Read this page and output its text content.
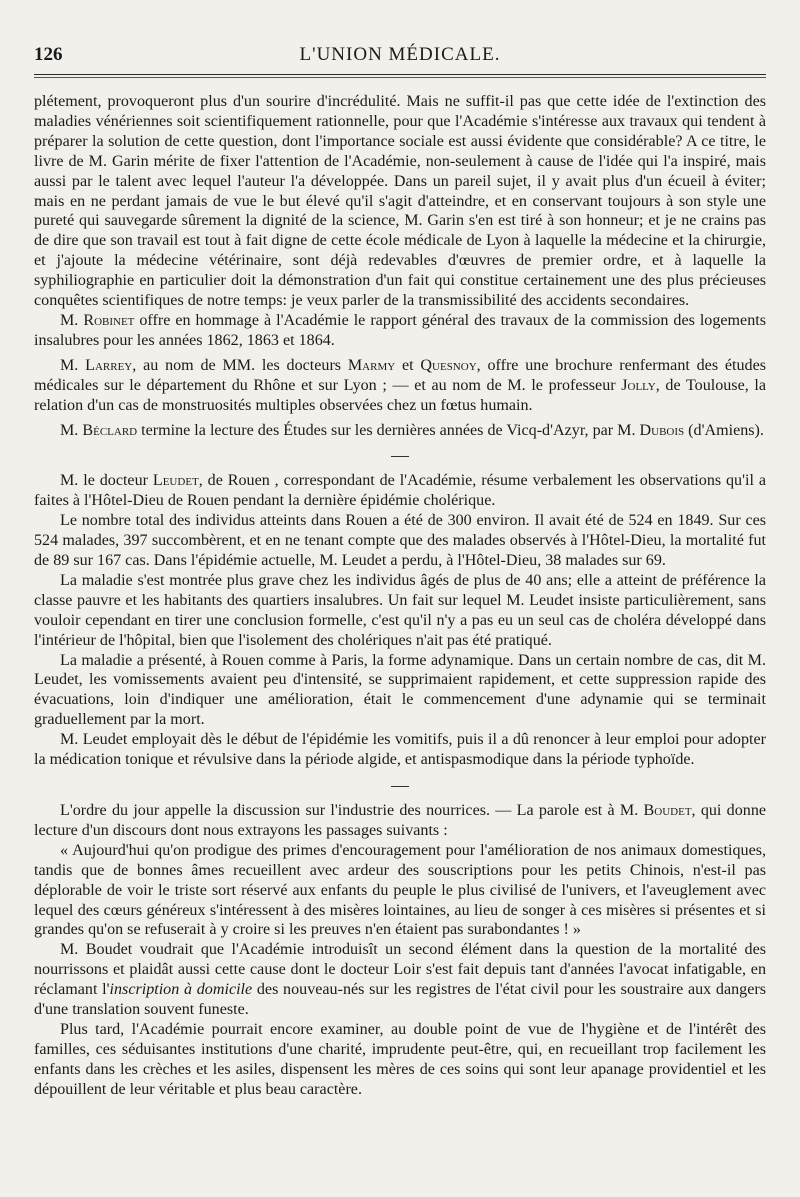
126	L'UNION MÉDICALE.

plétement, provoqueront plus d'un sourire d'incrédulité. Mais ne suffit-il pas que cette idée de l'extinction des maladies vénériennes soit scientifiquement rationnelle, pour que l'Académie s'intéresse aux travaux qui tendent à préparer la solution de cette question, dont l'importance sociale est aussi évidente que considérable? A ce titre, le livre de M. Garin mérite de fixer l'attention de l'Académie, non-seulement à cause de l'idée qui l'a inspiré, mais aussi par le talent avec lequel l'auteur l'a développée. Dans un pareil sujet, il y avait plus d'un écueil à éviter; mais en ne perdant jamais de vue le but élevé qu'il s'agit d'atteindre, et en conservant toujours à son style une pureté qui sauvegarde sûrement la dignité de la science, M. Garin s'en est tiré à son honneur; et je ne crains pas de dire que son travail est tout à fait digne de cette école médicale de Lyon à laquelle la médecine et la chirurgie, et j'ajoute la médecine vétérinaire, sont déjà redevables d'œuvres de premier ordre, et à laquelle la syphiliographie en particulier doit la démonstration d'un fait qui constitue certainement une des plus précieuses conquêtes scientifiques de notre temps: je veux parler de la transmissibilité des accidents secondaires.

M. Robinet offre en hommage à l'Académie le rapport général des travaux de la commission des logements insalubres pour les années 1862, 1863 et 1864.

M. Larrey, au nom de MM. les docteurs Marmy et Quesnoy, offre une brochure renfermant des études médicales sur le département du Rhône et sur Lyon ; — et au nom de M. le professeur Jolly, de Toulouse, la relation d'un cas de monstruosités multiples observées chez un fœtus humain.

M. Béclard termine la lecture des Études sur les dernières années de Vicq-d'Azyr, par M. Dubois (d'Amiens).

M. le docteur Leudet, de Rouen , correspondant de l'Académie, résume verbalement les observations qu'il a faites à l'Hôtel-Dieu de Rouen pendant la dernière épidémie cholérique.

Le nombre total des individus atteints dans Rouen a été de 300 environ. Il avait été de 524 en 1849. Sur ces 524 malades, 397 succombèrent, et en ne tenant compte que des malades observés à l'Hôtel-Dieu, la mortalité fut de 89 sur 167 cas. Dans l'épidémie actuelle, M. Leudet a perdu, à l'Hôtel-Dieu, 38 malades sur 69.

La maladie s'est montrée plus grave chez les individus âgés de plus de 40 ans; elle a atteint de préférence la classe pauvre et les habitants des quartiers insalubres. Un fait sur lequel M. Leudet insiste particulièrement, sans vouloir cependant en tirer une conclusion formelle, c'est qu'il n'y a pas eu un seul cas de choléra développé dans l'intérieur de l'hôpital, bien que l'isolement des cholériques n'ait pas été pratiqué.

La maladie a présenté, à Rouen comme à Paris, la forme adynamique. Dans un certain nombre de cas, dit M. Leudet, les vomissements avaient peu d'intensité, se supprimaient rapidement, et cette suppression rapide des évacuations, loin d'indiquer une amélioration, était le commencement d'une adynamie qui se terminait graduellement par la mort.

M. Leudet employait dès le début de l'épidémie les vomitifs, puis il a dû renoncer à leur emploi pour adopter la médication tonique et révulsive dans la période algide, et antispasmodique dans la période typhoïde.

L'ordre du jour appelle la discussion sur l'industrie des nourrices. — La parole est à M. Boudet, qui donne lecture d'un discours dont nous extrayons les passages suivants :

« Aujourd'hui qu'on prodigue des primes d'encouragement pour l'amélioration de nos animaux domestiques, tandis que de bonnes âmes recueillent avec ardeur des souscriptions pour les petits Chinois, n'est-il pas déplorable de voir le triste sort réservé aux enfants du peuple le plus civilisé de l'univers, et l'aveuglement avec lequel des cœurs généreux s'intéressent à des misères lointaines, au lieu de songer à ces misères si présentes et si grandes qu'on se refuserait à y croire si les preuves n'en étaient pas surabondantes ! »

M. Boudet voudrait que l'Académie introduisît un second élément dans la question de la mortalité des nourrissons et plaidât aussi cette cause dont le docteur Loir s'est fait depuis tant d'années l'avocat infatigable, en réclamant l'inscription à domicile des nouveau-nés sur les registres de l'état civil pour les soustraire aux dangers d'une translation souvent funeste.

Plus tard, l'Académie pourrait encore examiner, au double point de vue de l'hygiène et de l'intérêt des familles, ces séduisantes institutions d'une charité, imprudente peut-être, qui, en recueillant trop facilement les enfants dans les crèches et les asiles, dispensent les mères de ces soins qui sont leur apanage providentiel et les dépouillent de leur véritable et plus beau caractère.
